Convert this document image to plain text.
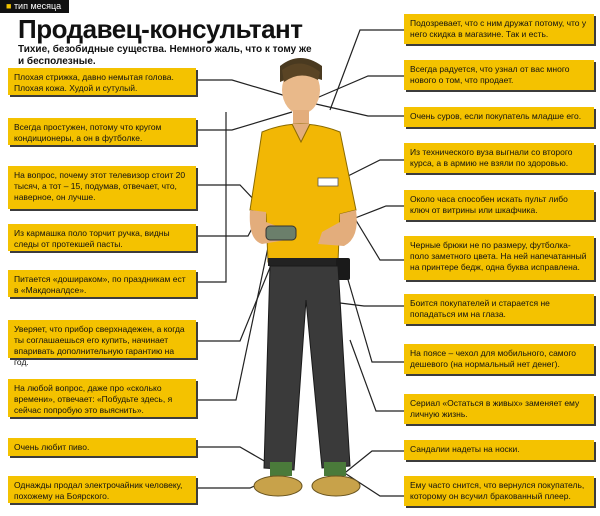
■ тип месяца
Продавец-консультант
Тихие, безобидные существа. Немного жаль, что к тому же и бесполезные.
Плохая стрижка, давно немытая голова. Плохая кожа. Худой и сутулый.
Всегда простужен, потому что кругом кондиционеры, а он в футболке.
На вопрос, почему этот телевизор стоит 20 тысяч, а тот – 15, подумав, отвечает, что, наверное, он лучше.
Из кармашка поло торчит ручка, видны следы от протекшей пасты.
Питается «дошираком», по праздникам ест в «Макдоналдсе».
Уверяет, что прибор сверхнадежен, а когда ты соглашаешься его купить, начинает впаривать дополнительную гарантию на год.
На любой вопрос, даже про «сколько времени», отвечает: «Побудьте здесь, я сейчас попробую это выяснить».
Очень любит пиво.
Однажды продал электрочайник человеку, похожему на Боярского.
Подозревает, что с ним дружат потому, что у него скидка в магазине. Так и есть.
Всегда радуется, что узнал от вас много нового о том, что продает.
Очень суров, если покупатель младше его.
Из технического вуза выгнали со второго курса, а в армию не взяли по здоровью.
Около часа способен искать пульт либо ключ от витрины или шкафчика.
Черные брюки не по размеру, футболка-поло заметного цвета. На ней напечатанный на принтере бедж, одна буква исправлена.
Боится покупателей и старается не попадаться им на глаза.
На поясе – чехол для мобильного, самого дешевого (на нормальный нет денег).
Сериал «Остаться в живых» заменяет ему личную жизнь.
Сандалии надеты на носки.
Ему часто снится, что вернулся покупатель, которому он всучил бракованный плеер.
